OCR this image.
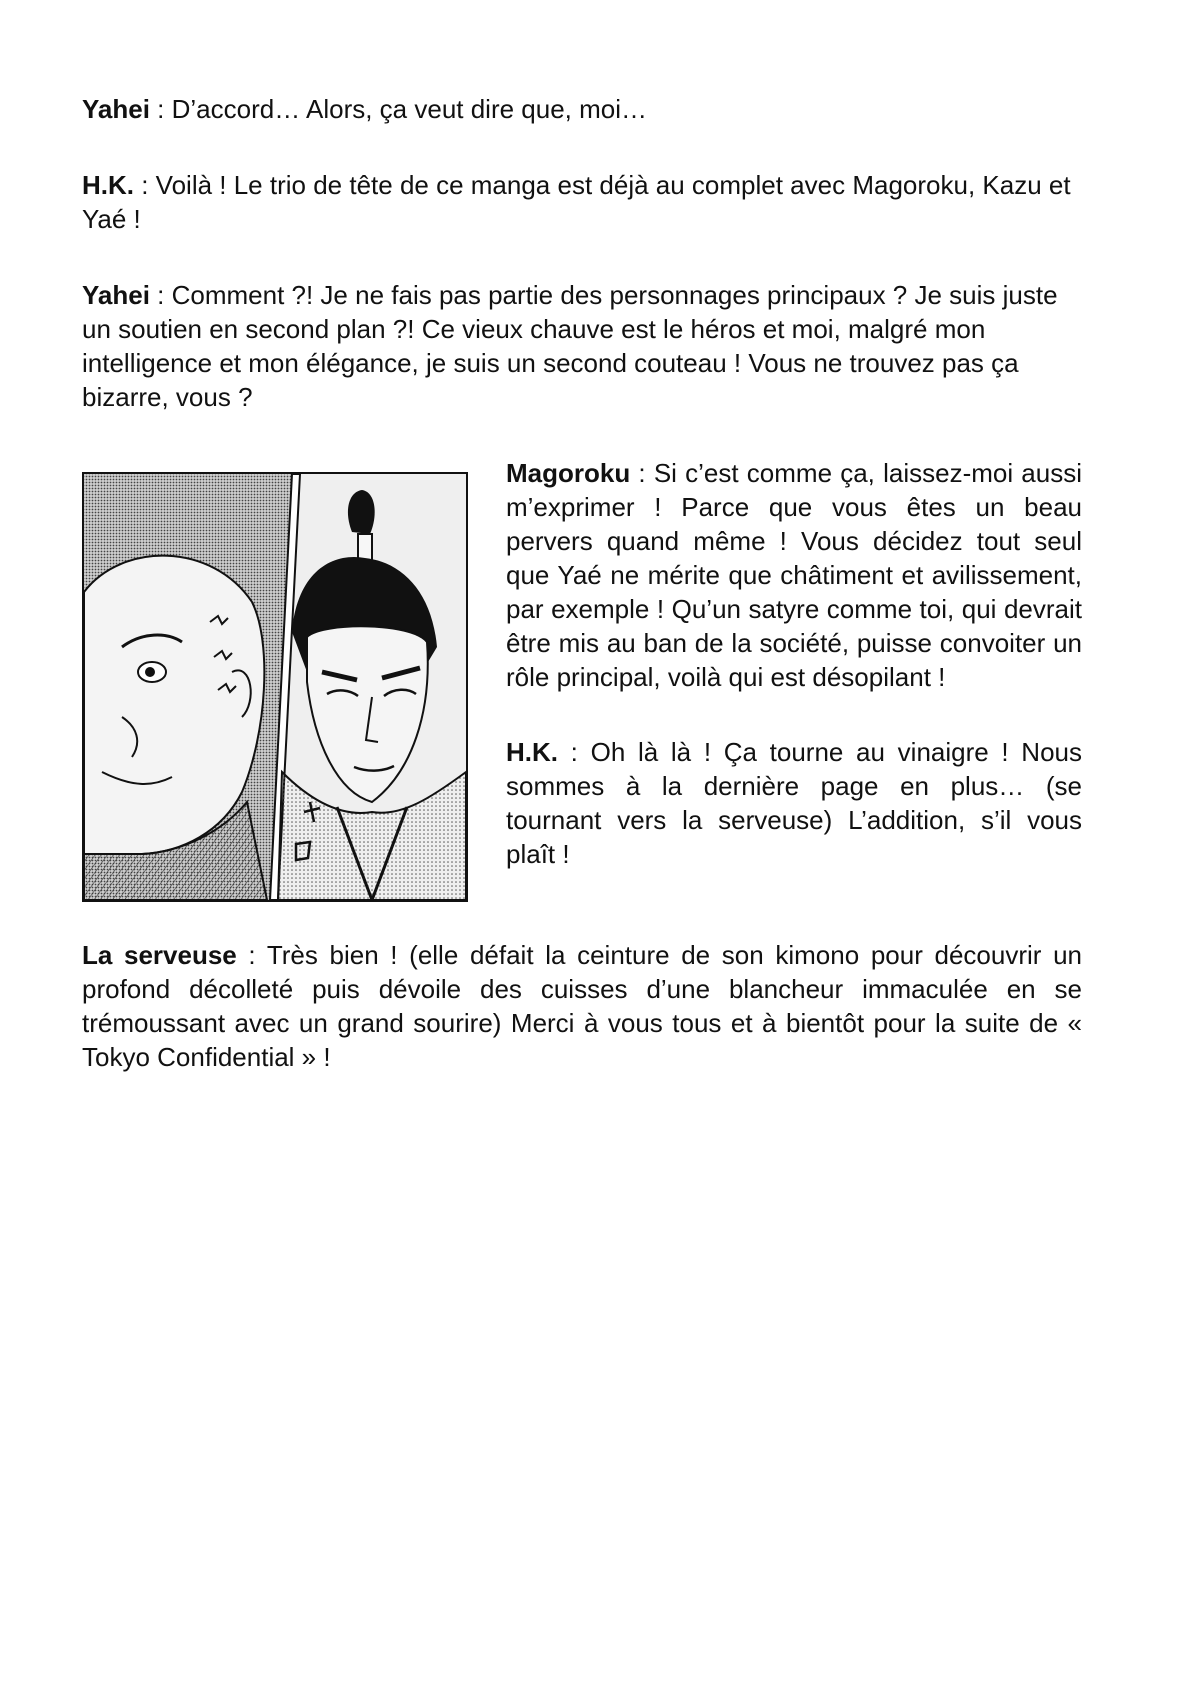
Yahei : D’accord… Alors, ça veut dire que, moi…

H.K. : Voilà ! Le trio de tête de ce manga est déjà au complet avec Magoroku, Kazu et Yaé !

Yahei : Comment ?! Je ne fais pas partie des personnages principaux ? Je suis juste un soutien en second plan ?! Ce vieux chauve est le héros et moi, malgré mon intelligence et mon élégance, je suis un second couteau ! Vous ne trouvez pas ça bizarre, vous ?

Magoroku : Si c’est comme ça, laissez-moi aussi m’exprimer ! Parce que vous êtes un beau pervers quand même ! Vous décidez tout seul que Yaé ne mérite que châtiment et avilissement, par exemple ! Qu’un satyre comme toi, qui devrait être mis au ban de la société, puisse convoiter un rôle principal, voilà qui est désopilant !

H.K. : Oh là là ! Ça tourne au vinaigre ! Nous sommes à la dernière page en plus… (se tournant vers la serveuse) L’addition, s’il vous plaît !

La serveuse : Très bien ! (elle défait la ceinture de son kimono pour découvrir un profond décolleté puis dévoile des cuisses d’une blancheur immaculée en se trémoussant avec un grand sourire) Merci à vous tous et à bientôt pour la suite de « Tokyo Confidential » !
